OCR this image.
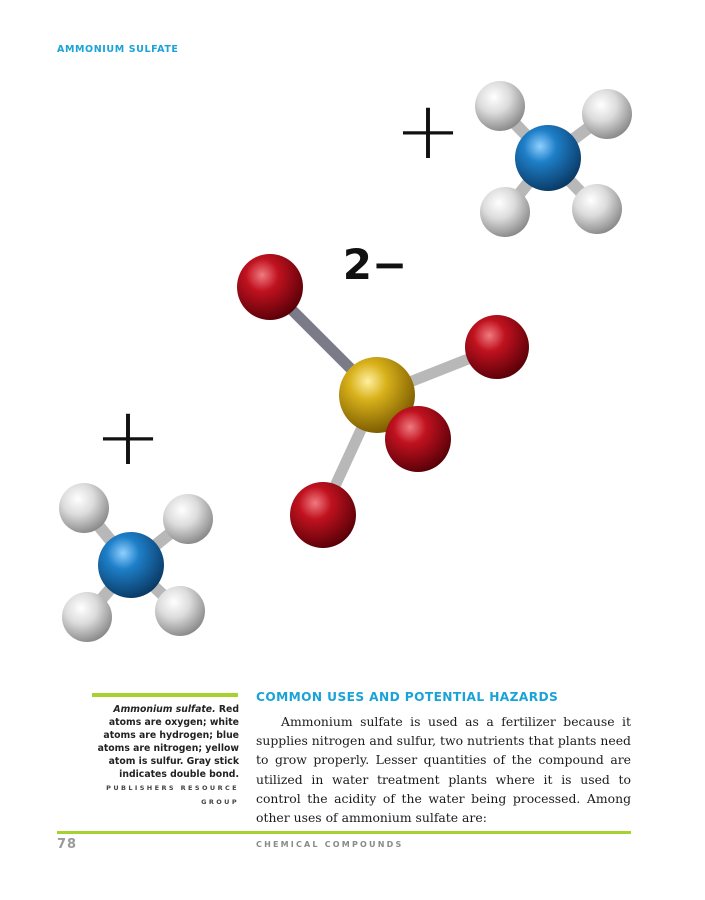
AMMONIUM SULFATE
+
2−
+
Ammonium sulfate. Red atoms are oxygen; white atoms are hydrogen; blue atoms are nitrogen; yellow atom is sulfur. Gray stick indicates double bond. PUBLISHERS RESOURCE GROUP
COMMON USES AND POTENTIAL HAZARDS

Ammonium sulfate is used as a fertilizer because it supplies nitrogen and sulfur, two nutrients that plants need to grow properly. Lesser quantities of the compound are utilized in water treatment plants where it is used to control the acidity of the water being processed. Among other uses of ammonium sulfate are:

78	CHEMICAL COMPOUNDS
